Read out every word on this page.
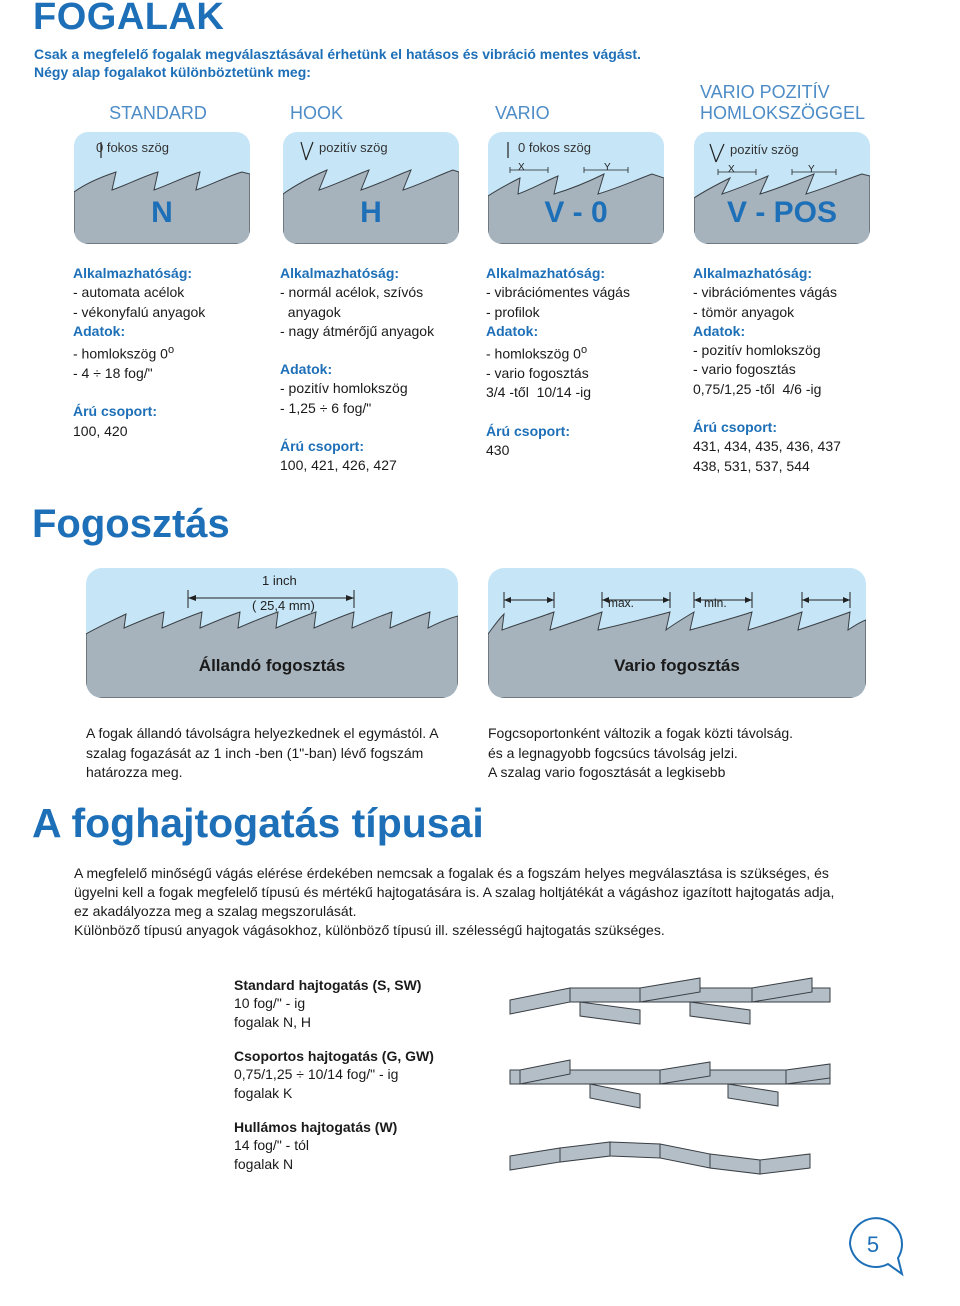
FOGALAK
Csak a megfelelő fogalak megválasztásával érhetünk el hatásos és vibráció mentes vágást.
Négy alap fogalakot különböztetünk meg:
STANDARD	HOOK	VARIO
VARIO POZITÍV
HOMLOKSZÖGGEL
0 fokos szög
N
pozitív szög
H
0 fokos szög
X	Y
V - 0
pozitív szög
X	Y
V - POS
Alkalmazhatóság:
- automata acélok
- vékonyfalú anyagok
Adatok:
- homlokszög 0$^o$
- 4 ÷ 18 fog/"
Árú csoport:
100, 420
Alkalmazhatóság:
- normál acélok, szívós
anyagok
- nagy átmérőjű anyagok
Adatok:
- pozitív homlokszög
- 1,25 ÷ 6 fog/"
Árú csoport:
100, 421, 426, 427
Alkalmazhatóság:
- vibrációmentes vágás
- profilok
Adatok:
- homlokszög 0$^o$
- vario fogosztás
3/4 -től  10/14 -ig
Árú csoport:
430
Alkalmazhatóság:
- vibrációmentes vágás
- tömör anyagok
Adatok:
- pozitív homlokszög
- vario fogosztás
0,75/1,25 -től  4/6 -ig
Árú csoport:
431, 434, 435, 436, 437
438, 531, 537, 544
Fogosztás
1 inch
( 25,4 mm)
Állandó fogosztás
max.	min.
Vario fogosztás
A fogak állandó távolságra helyezkednek el egymástól. A
szalag fogazását az 1 inch -ben (1"-ban) lévő fogszám
határozza meg.
Fogcsoportonként változik a fogak közti távolság.
és a legnagyobb fogcsúcs távolság jelzi.
A szalag vario fogosztását a legkisebb
A foghajtogatás típusai
A megfelelő minőségű vágás elérése érdekében nemcsak a fogalak és a fogszám helyes megválasztása is szükséges, és
ügyelni kell a fogak megfelelő típusú és mértékű hajtogatására is. A szalag holtjátékát a vágáshoz igazított hajtogatás adja,
ez akadályozza meg a szalag megszorulását.
Különböző típusú anyagok vágásokhoz, különböző típusú ill. szélességű hajtogatás szükséges.
Standard hajtogatás (S, SW)
10 fog/" - ig
fogalak N, H
Csoportos hajtogatás (G, GW)
0,75/1,25 ÷ 10/14 fog/" - ig
fogalak K
Hullámos hajtogatás (W)
14 fog/" - tól
fogalak N
5
